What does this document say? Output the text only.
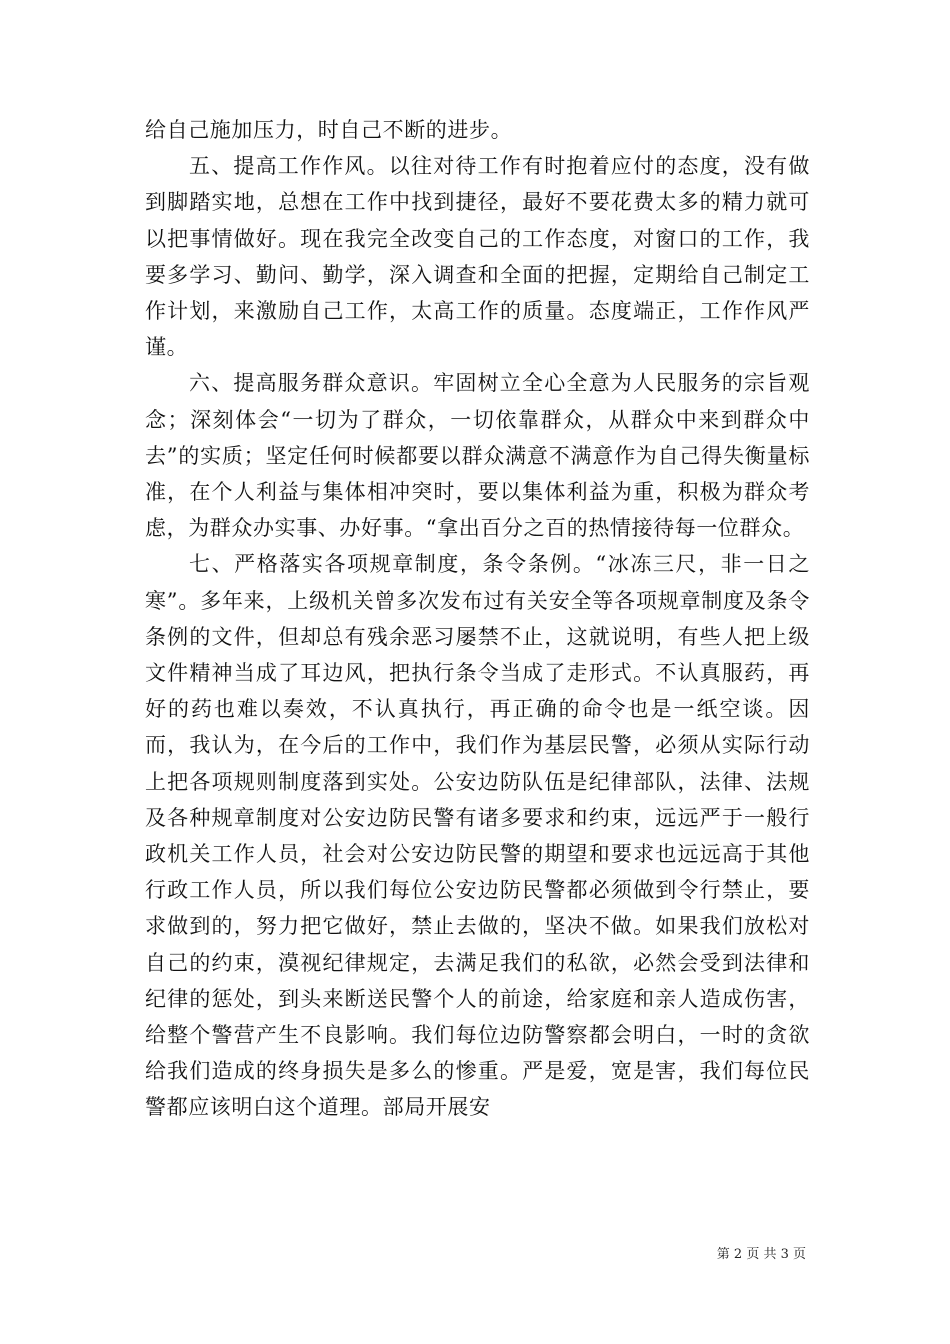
给自己施加压力，时自己不断的进步。

五、提高工作作风。以往对待工作有时抱着应付的态度，没有做到脚踏实地，总想在工作中找到捷径，最好不要花费太多的精力就可以把事情做好。现在我完全改变自己的工作态度，对窗口的工作，我要多学习、勤问、勤学，深入调查和全面的把握，定期给自己制定工作计划，来激励自己工作，太高工作的质量。态度端正，工作作风严谨。

六、提高服务群众意识。牢固树立全心全意为人民服务的宗旨观念；深刻体会“一切为了群众，一切依靠群众，从群众中来到群众中去”的实质；坚定任何时候都要以群众满意不满意作为自己得失衡量标准，在个人利益与集体相冲突时，要以集体利益为重，积极为群众考虑，为群众办实事、办好事。“拿出百分之百的热情接待每一位群众。

七、严格落实各项规章制度，条令条例。“冰冻三尺，非一日之寒”。多年来，上级机关曾多次发布过有关安全等各项规章制度及条令条例的文件，但却总有残余恶习屡禁不止，这就说明，有些人把上级文件精神当成了耳边风，把执行条令当成了走形式。不认真服药，再好的药也难以奏效，不认真执行，再正确的命令也是一纸空谈。因而，我认为，在今后的工作中，我们作为基层民警，必须从实际行动上把各项规则制度落到实处。公安边防队伍是纪律部队，法律、法规及各种规章制度对公安边防民警有诸多要求和约束，远远严于一般行政机关工作人员，社会对公安边防民警的期望和要求也远远高于其他行政工作人员，所以我们每位公安边防民警都必须做到令行禁止，要求做到的，努力把它做好，禁止去做的，坚决不做。如果我们放松对自己的约束，漠视纪律规定，去满足我们的私欲，必然会受到法律和纪律的惩处，到头来断送民警个人的前途，给家庭和亲人造成伤害，给整个警营产生不良影响。我们每位边防警察都会明白，一时的贪欲给我们造成的终身损失是多么的惨重。严是爱，宽是害，我们每位民警都应该明白这个道理。部局开展安

第 2 页 共 3 页
